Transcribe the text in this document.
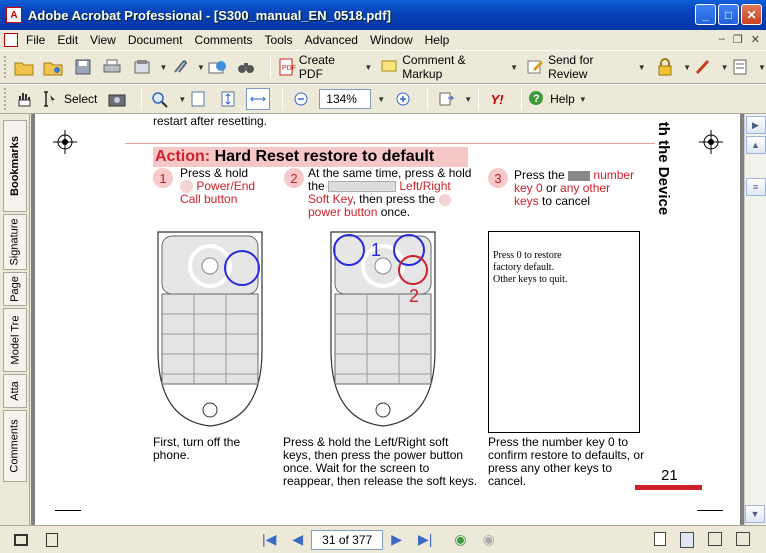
A Adobe Acrobat Professional - [S300_manual_EN_0518.pdf]	_	□	✕
File Edit View Document Comments Tools Advanced Window Help	– ❐ ✕
▼	▼	PDF
Create PDF	▼	Comment & Markup	▼	Send for Review	▼	▼	▼	▼
Select	▼	134%	▼	▼ Y!	? Help ▼
Bookmarks
Signature
Page
Model Tre
Atta
Comments
restart after resetting.
th the Device
Action:
Hard Reset restore to default
1	Press & hold
Power/End
Call button
2 At the same time, press & hold
the	Left/Right
Soft Key, then press the
power button once.
3	Press the number
key 0 or any other
keys to cancel
1
2
Press 0 to restore
factory default.
Other keys to quit.
First, turn off the phone.
Press & hold the Left/Right soft keys, then press the power button once. Wait for the screen to reappear, then release the soft keys.
Press the number key 0 to confirm restore to defaults, or press any other keys to cancel.	21
▶
▲
≡
▼
|◀ ◀	31 of 377	▶ ▶| ◉ ◉
